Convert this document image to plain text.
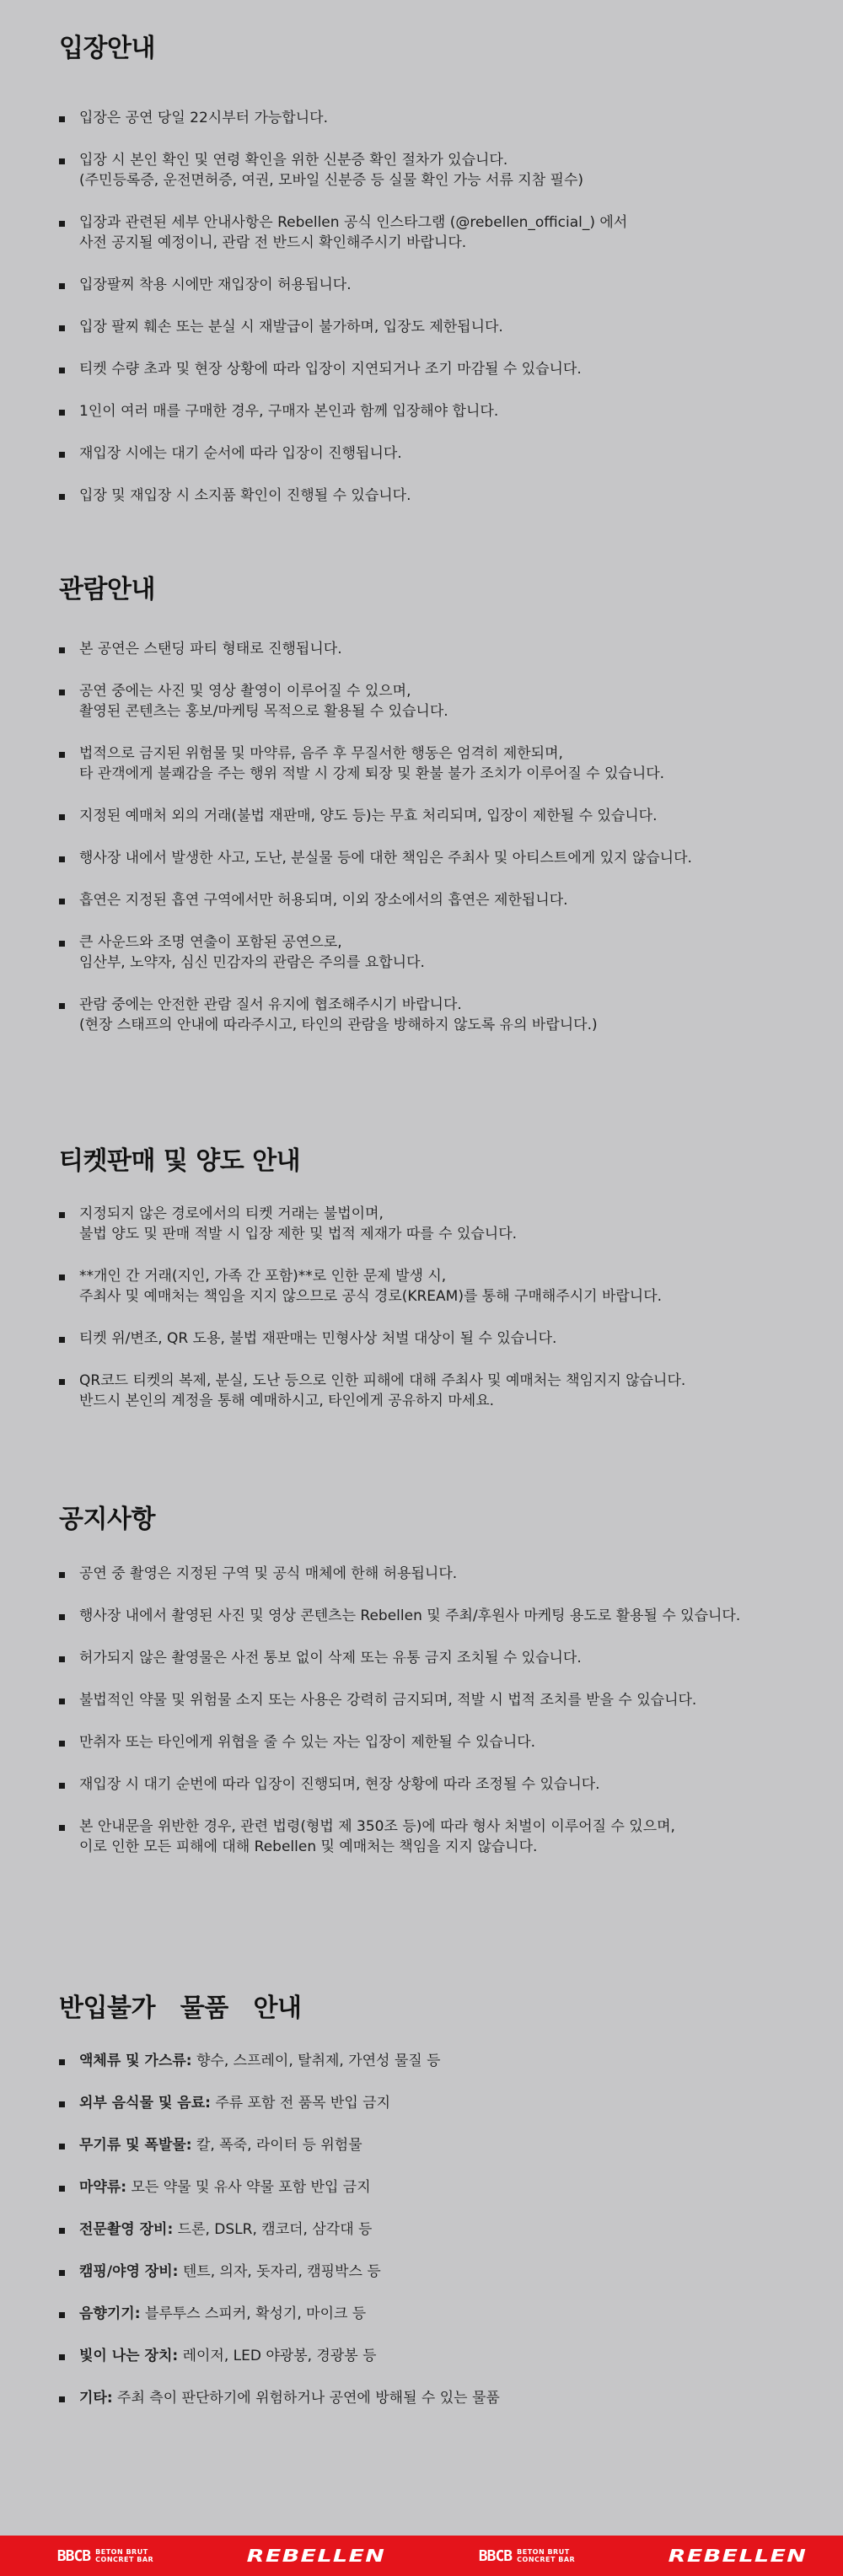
입장안내
입장은 공연 당일 22시부터 가능합니다.
입장 시 본인 확인 및 연령 확인을 위한 신분증 확인 절차가 있습니다.
(주민등록증, 운전면허증, 여권, 모바일 신분증 등 실물 확인 가능 서류 지참 필수)
입장과 관련된 세부 안내사항은 Rebellen 공식 인스타그램 (@rebellen_official_) 에서
사전 공지될 예정이니, 관람 전 반드시 확인해주시기 바랍니다.
입장팔찌 착용 시에만 재입장이 허용됩니다.
입장 팔찌 훼손 또는 분실 시 재발급이 불가하며, 입장도 제한됩니다.
티켓 수량 초과 및 현장 상황에 따라 입장이 지연되거나 조기 마감될 수 있습니다.
1인이 여러 매를 구매한 경우, 구매자 본인과 함께 입장해야 합니다.
재입장 시에는 대기 순서에 따라 입장이 진행됩니다.
입장 및 재입장 시 소지품 확인이 진행될 수 있습니다.
관람안내
본 공연은 스탠딩 파티 형태로 진행됩니다.
공연 중에는 사진 및 영상 촬영이 이루어질 수 있으며,
촬영된 콘텐츠는 홍보/마케팅 목적으로 활용될 수 있습니다.
법적으로 금지된 위험물 및 마약류, 음주 후 무질서한 행동은 엄격히 제한되며,
타 관객에게 불쾌감을 주는 행위 적발 시 강제 퇴장 및 환불 불가 조치가 이루어질 수 있습니다.
지정된 예매처 외의 거래(불법 재판매, 양도 등)는 무효 처리되며, 입장이 제한될 수 있습니다.
행사장 내에서 발생한 사고, 도난, 분실물 등에 대한 책임은 주최사 및 아티스트에게 있지 않습니다.
흡연은 지정된 흡연 구역에서만 허용되며, 이외 장소에서의 흡연은 제한됩니다.
큰 사운드와 조명 연출이 포함된 공연으로,
임산부, 노약자, 심신 민감자의 관람은 주의를 요합니다.
관람 중에는 안전한 관람 질서 유지에 협조해주시기 바랍니다.
(현장 스태프의 안내에 따라주시고, 타인의 관람을 방해하지 않도록 유의 바랍니다.)
티켓판매 및 양도 안내
지정되지 않은 경로에서의 티켓 거래는 불법이며,
불법 양도 및 판매 적발 시 입장 제한 및 법적 제재가 따를 수 있습니다.
**개인 간 거래(지인, 가족 간 포함)**로 인한 문제 발생 시,
주최사 및 예매처는 책임을 지지 않으므로 공식 경로(KREAM)를 통해 구매해주시기 바랍니다.
티켓 위/변조, QR 도용, 불법 재판매는 민형사상 처벌 대상이 될 수 있습니다.
QR코드 티켓의 복제, 분실, 도난 등으로 인한 피해에 대해 주최사 및 예매처는 책임지지 않습니다.
반드시 본인의 계정을 통해 예매하시고, 타인에게 공유하지 마세요.
공지사항
공연 중 촬영은 지정된 구역 및 공식 매체에 한해 허용됩니다.
행사장 내에서 촬영된 사진 및 영상 콘텐츠는 Rebellen 및 주최/후원사 마케팅 용도로 활용될 수 있습니다.
허가되지 않은 촬영물은 사전 통보 없이 삭제 또는 유통 금지 조치될 수 있습니다.
불법적인 약물 및 위험물 소지 또는 사용은 강력히 금지되며, 적발 시 법적 조치를 받을 수 있습니다.
만취자 또는 타인에게 위협을 줄 수 있는 자는 입장이 제한될 수 있습니다.
재입장 시 대기 순번에 따라 입장이 진행되며, 현장 상황에 따라 조정될 수 있습니다.
본 안내문을 위반한 경우, 관련 법령(형법 제 350조 등)에 따라 형사 처벌이 이루어질 수 있으며,
이로 인한 모든 피해에 대해 Rebellen 및 예매처는 책임을 지지 않습니다.
반입불가   물품   안내
액체류 및 가스류: 향수, 스프레이, 탈취제, 가연성 물질 등
외부 음식물 및 음료: 주류 포함 전 품목 반입 금지
무기류 및 폭발물: 칼, 폭죽, 라이터 등 위험물
마약류: 모든 약물 및 유사 약물 포함 반입 금지
전문촬영 장비: 드론, DSLR, 캠코더, 삼각대 등
캠핑/야영 장비: 텐트, 의자, 돗자리, 캠핑박스 등
음향기기: 블루투스 스피커, 확성기, 마이크 등
빛이 나는 장치: 레이저, LED 야광봉, 경광봉 등
기타: 주최 측이 판단하기에 위험하거나 공연에 방해될 수 있는 물품
BBCB BETON BRUT
CONCRET BAR	REBELLEN	BBCB BETON BRUT
CONCRET BAR	REBELLEN
